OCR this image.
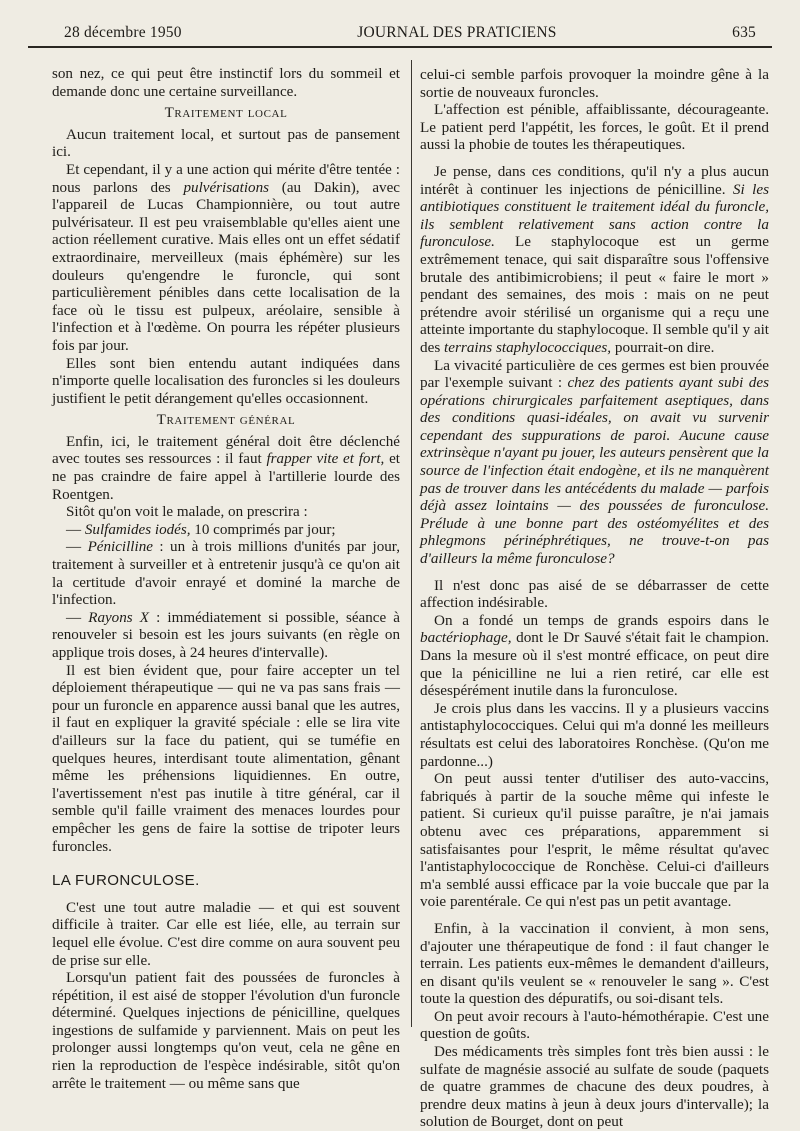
28 décembre 1950	JOURNAL DES PRATICIENS	635

son nez, ce qui peut être instinctif lors du sommeil et demande donc une certaine surveillance.

Traitement local

Aucun traitement local, et surtout pas de pansement ici.

Et cependant, il y a une action qui mérite d'être tentée : nous parlons des pulvérisations (au Dakin), avec l'appareil de Lucas Championnière, ou tout autre pulvérisateur. Il est peu vraisemblable qu'elles aient une action réellement curative. Mais elles ont un effet sédatif extraordinaire, merveilleux (mais éphémère) sur les douleurs qu'engendre le furoncle, qui sont particulièrement pénibles dans cette localisation de la face où le tissu est pulpeux, aréolaire, sensible à l'infection et à l'œdème. On pourra les répéter plusieurs fois par jour.

Elles sont bien entendu autant indiquées dans n'importe quelle localisation des furoncles si les douleurs justifient le petit dérangement qu'elles occasionnent.

Traitement général

Enfin, ici, le traitement général doit être déclenché avec toutes ses ressources : il faut frapper vite et fort, et ne pas craindre de faire appel à l'artillerie lourde des Roentgen.

Sitôt qu'on voit le malade, on prescrira :

— Sulfamides iodés, 10 comprimés par jour;

— Pénicilline : un à trois millions d'unités par jour, traitement à surveiller et à entretenir jusqu'à ce qu'on ait la certitude d'avoir enrayé et dominé la marche de l'infection.

— Rayons X : immédiatement si possible, séance à renouveler si besoin est les jours suivants (en règle on applique trois doses, à 24 heures d'intervalle).

Il est bien évident que, pour faire accepter un tel déploiement thérapeutique — qui ne va pas sans frais — pour un furoncle en apparence aussi banal que les autres, il faut en expliquer la gravité spéciale : elle se lira vite d'ailleurs sur la face du patient, qui se tuméfie en quelques heures, interdisant toute alimentation, gênant même les préhensions liquidiennes. En outre, l'avertissement n'est pas inutile à titre général, car il semble qu'il faille vraiment des menaces lourdes pour empêcher les gens de faire la sottise de tripoter leurs furoncles.

LA FURONCULOSE.

C'est une tout autre maladie — et qui est souvent difficile à traiter. Car elle est liée, elle, au terrain sur lequel elle évolue. C'est dire comme on aura souvent peu de prise sur elle.

Lorsqu'un patient fait des poussées de furoncles à répétition, il est aisé de stopper l'évolution d'un furoncle déterminé. Quelques injections de pénicilline, quelques ingestions de sulfamide y parviennent. Mais on peut les prolonger aussi longtemps qu'on veut, cela ne gêne en rien la reproduction de l'espèce indésirable, sitôt qu'on arrête le traitement — ou même sans que

celui-ci semble parfois provoquer la moindre gêne à la sortie de nouveaux furoncles.

L'affection est pénible, affaiblissante, décourageante. Le patient perd l'appétit, les forces, le goût. Et il prend aussi la phobie de toutes les thérapeutiques.

Je pense, dans ces conditions, qu'il n'y a plus aucun intérêt à continuer les injections de pénicilline. Si les antibiotiques constituent le traitement idéal du furoncle, ils semblent relativement sans action contre la furonculose. Le staphylocoque est un germe extrêmement tenace, qui sait disparaître sous l'offensive brutale des antibimicrobiens; il peut « faire le mort » pendant des semaines, des mois : mais on ne peut prétendre avoir stérilisé un organisme qui a reçu une atteinte importante du staphylocoque. Il semble qu'il y ait des terrains staphylococciques, pourrait-on dire.

La vivacité particulière de ces germes est bien prouvée par l'exemple suivant : chez des patients ayant subi des opérations chirurgicales parfaitement aseptiques, dans des conditions quasi-idéales, on avait vu survenir cependant des suppurations de paroi. Aucune cause extrinsèque n'ayant pu jouer, les auteurs pensèrent que la source de l'infection était endogène, et ils ne manquèrent pas de trouver dans les antécédents du malade — parfois déjà assez lointains — des poussées de furonculose. Prélude à une bonne part des ostéomyélites et des phlegmons périnéphrétiques, ne trouve-t-on pas d'ailleurs la même furonculose?

Il n'est donc pas aisé de se débarrasser de cette affection indésirable.

On a fondé un temps de grands espoirs dans le bactériophage, dont le Dr Sauvé s'était fait le champion. Dans la mesure où il s'est montré efficace, on peut dire que la pénicilline ne lui a rien retiré, car elle est désespérément inutile dans la furonculose.

Je crois plus dans les vaccins. Il y a plusieurs vaccins antistaphylococciques. Celui qui m'a donné les meilleurs résultats est celui des laboratoires Ronchèse. (Qu'on me pardonne...)

On peut aussi tenter d'utiliser des auto-vaccins, fabriqués à partir de la souche même qui infeste le patient. Si curieux qu'il puisse paraître, je n'ai jamais obtenu avec ces préparations, apparemment si satisfaisantes pour l'esprit, le même résultat qu'avec l'antistaphylococcique de Ronchèse. Celui-ci d'ailleurs m'a semblé aussi efficace par la voie buccale que par la voie parentérale. Ce qui n'est pas un petit avantage.

Enfin, à la vaccination il convient, à mon sens, d'ajouter une thérapeutique de fond : il faut changer le terrain. Les patients eux-mêmes le demandent d'ailleurs, en disant qu'ils veulent se « renouveler le sang ». C'est toute la question des dépuratifs, ou soi-disant tels.

On peut avoir recours à l'auto-hémothérapie. C'est une question de goûts.

Des médicaments très simples font très bien aussi : le sulfate de magnésie associé au sulfate de soude (paquets de quatre grammes de chacune des deux poudres, à prendre deux matins à jeun à deux jours d'intervalle); la solution de Bourget, dont on peut
